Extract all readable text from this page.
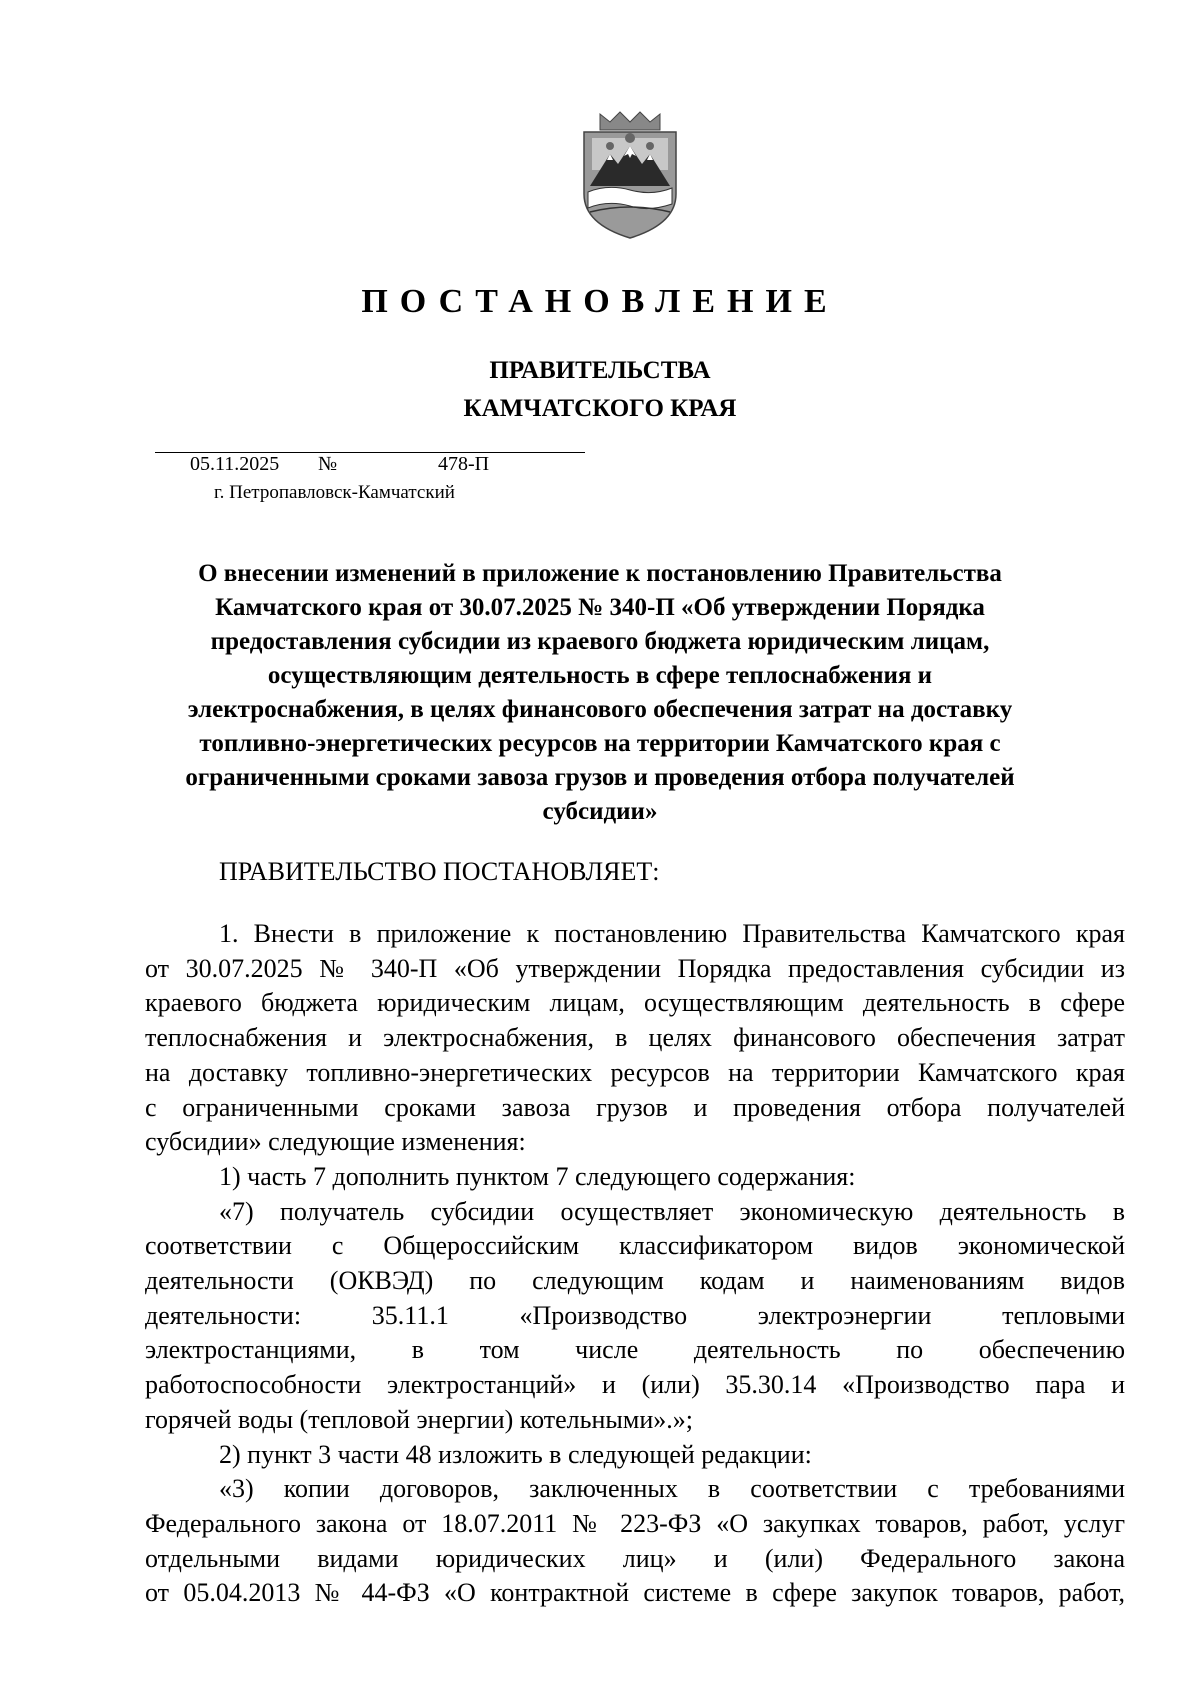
ПОСТАНОВЛЕНИЕ
ПРАВИТЕЛЬСТВА
КАМЧАТСКОГО КРАЯ
05.11.2025 №	478-П
г. Петропавловск-Камчатский
О внесении изменений в приложение к постановлению Правительства
Камчатского края от 30.07.2025 № 340-П «Об утверждении Порядка
предоставления субсидии из краевого бюджета юридическим лицам,
осуществляющим деятельность в сфере теплоснабжения и
электроснабжения, в целях финансового обеспечения затрат на доставку
топливно-энергетических ресурсов на территории Камчатского края с
ограниченными сроками завоза грузов и проведения отбора получателей
субсидии»
ПРАВИТЕЛЬСТВО ПОСТАНОВЛЯЕТ:
1. Внести в приложение к постановлению Правительства Камчатского края
от 30.07.2025 № 340-П «Об утверждении Порядка предоставления субсидии из
краевого бюджета юридическим лицам, осуществляющим деятельность в сфере
теплоснабжения и электроснабжения, в целях финансового обеспечения затрат
на доставку топливно-энергетических ресурсов на территории Камчатского края
с ограниченными сроками завоза грузов и проведения отбора получателей
субсидии» следующие изменения:
1) часть 7 дополнить пунктом 7 следующего содержания:
«7) получатель субсидии осуществляет экономическую деятельность в
соответствии с Общероссийским классификатором видов экономической
деятельности (ОКВЭД) по следующим кодам и наименованиям видов
деятельности: 35.11.1 «Производство электроэнергии тепловыми
электростанциями, в том числе деятельность по обеспечению
работоспособности электростанций» и (или) 35.30.14 «Производство пара и
горячей воды (тепловой энергии) котельными».»;
2) пункт 3 части 48 изложить в следующей редакции:
«3) копии договоров, заключенных в соответствии с требованиями
Федерального закона от 18.07.2011 № 223-ФЗ «О закупках товаров, работ, услуг
отдельными видами юридических лиц» и (или) Федерального закона
от 05.04.2013 № 44-ФЗ «О контрактной системе в сфере закупок товаров, работ,
